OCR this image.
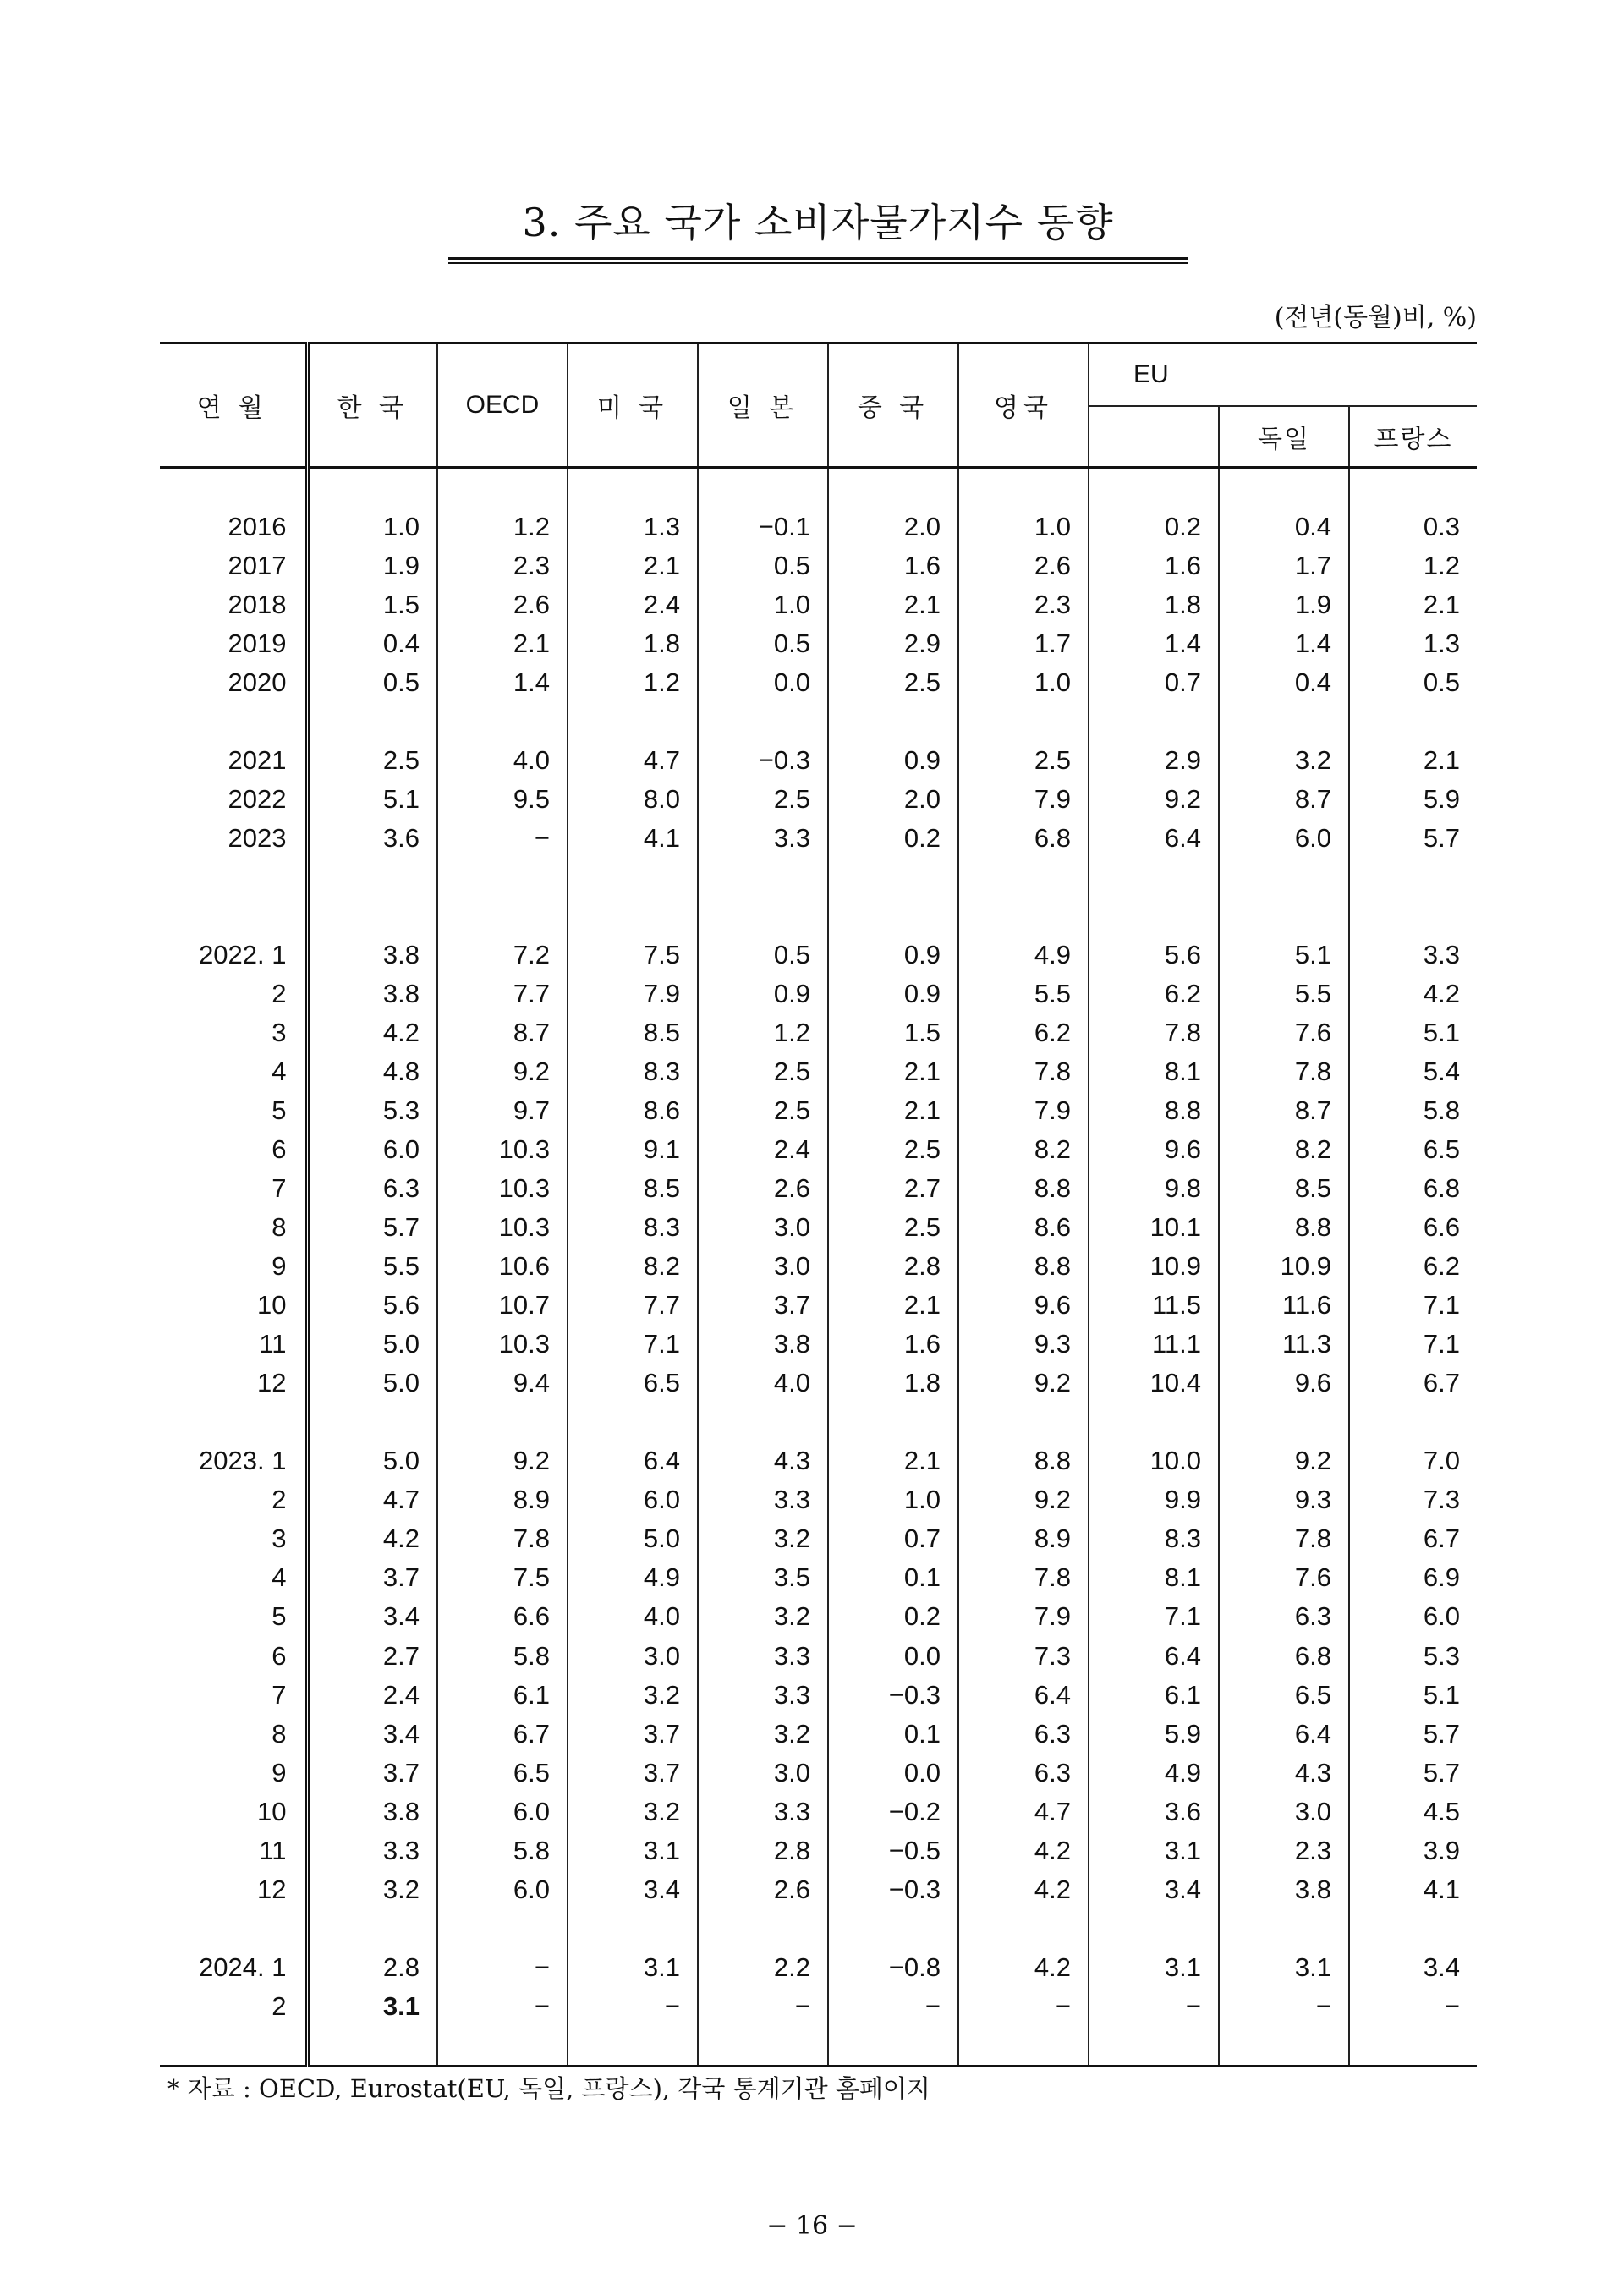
3. 주요 국가 소비자물가지수 동향
(전년(동월)비, %)
연 월	한 국	OECD	미 국	일 본	중 국	영국	EU		
								독일	프랑스

2016	1.0	1.2	1.3	−0.1	2.0	1.0	0.2	0.4	0.3
2017	1.9	2.3	2.1	0.5	1.6	2.6	1.6	1.7	1.2
2018	1.5	2.6	2.4	1.0	2.1	2.3	1.8	1.9	2.1
2019	0.4	2.1	1.8	0.5	2.9	1.7	1.4	1.4	1.3
2020	0.5	1.4	1.2	0.0	2.5	1.0	0.7	0.4	0.5

2021	2.5	4.0	4.7	−0.3	0.9	2.5	2.9	3.2	2.1
2022	5.1	9.5	8.0	2.5	2.0	7.9	9.2	8.7	5.9
2023	3.6	−	4.1	3.3	0.2	6.8	6.4	6.0	5.7

2022. 1	3.8	7.2	7.5	0.5	0.9	4.9	5.6	5.1	3.3
2	3.8	7.7	7.9	0.9	0.9	5.5	6.2	5.5	4.2
3	4.2	8.7	8.5	1.2	1.5	6.2	7.8	7.6	5.1
4	4.8	9.2	8.3	2.5	2.1	7.8	8.1	7.8	5.4
5	5.3	9.7	8.6	2.5	2.1	7.9	8.8	8.7	5.8
6	6.0	10.3	9.1	2.4	2.5	8.2	9.6	8.2	6.5
7	6.3	10.3	8.5	2.6	2.7	8.8	9.8	8.5	6.8
8	5.7	10.3	8.3	3.0	2.5	8.6	10.1	8.8	6.6
9	5.5	10.6	8.2	3.0	2.8	8.8	10.9	10.9	6.2
10	5.6	10.7	7.7	3.7	2.1	9.6	11.5	11.6	7.1
11	5.0	10.3	7.1	3.8	1.6	9.3	11.1	11.3	7.1
12	5.0	9.4	6.5	4.0	1.8	9.2	10.4	9.6	6.7

2023. 1	5.0	9.2	6.4	4.3	2.1	8.8	10.0	9.2	7.0
2	4.7	8.9	6.0	3.3	1.0	9.2	9.9	9.3	7.3
3	4.2	7.8	5.0	3.2	0.7	8.9	8.3	7.8	6.7
4	3.7	7.5	4.9	3.5	0.1	7.8	8.1	7.6	6.9
5	3.4	6.6	4.0	3.2	0.2	7.9	7.1	6.3	6.0
6	2.7	5.8	3.0	3.3	0.0	7.3	6.4	6.8	5.3
7	2.4	6.1	3.2	3.3	−0.3	6.4	6.1	6.5	5.1
8	3.4	6.7	3.7	3.2	0.1	6.3	5.9	6.4	5.7
9	3.7	6.5	3.7	3.0	0.0	6.3	4.9	4.3	5.7
10	3.8	6.0	3.2	3.3	−0.2	4.7	3.6	3.0	4.5
11	3.3	5.8	3.1	2.8	−0.5	4.2	3.1	2.3	3.9
12	3.2	6.0	3.4	2.6	−0.3	4.2	3.4	3.8	4.1

2024. 1	2.8	−	3.1	2.2	−0.8	4.2	3.1	3.1	3.4
2	3.1	−	−	−	−	−	−	−	−

* 자료 : OECD, Eurostat(EU, 독일, 프랑스), 각국 통계기관 홈페이지
− 16 −
